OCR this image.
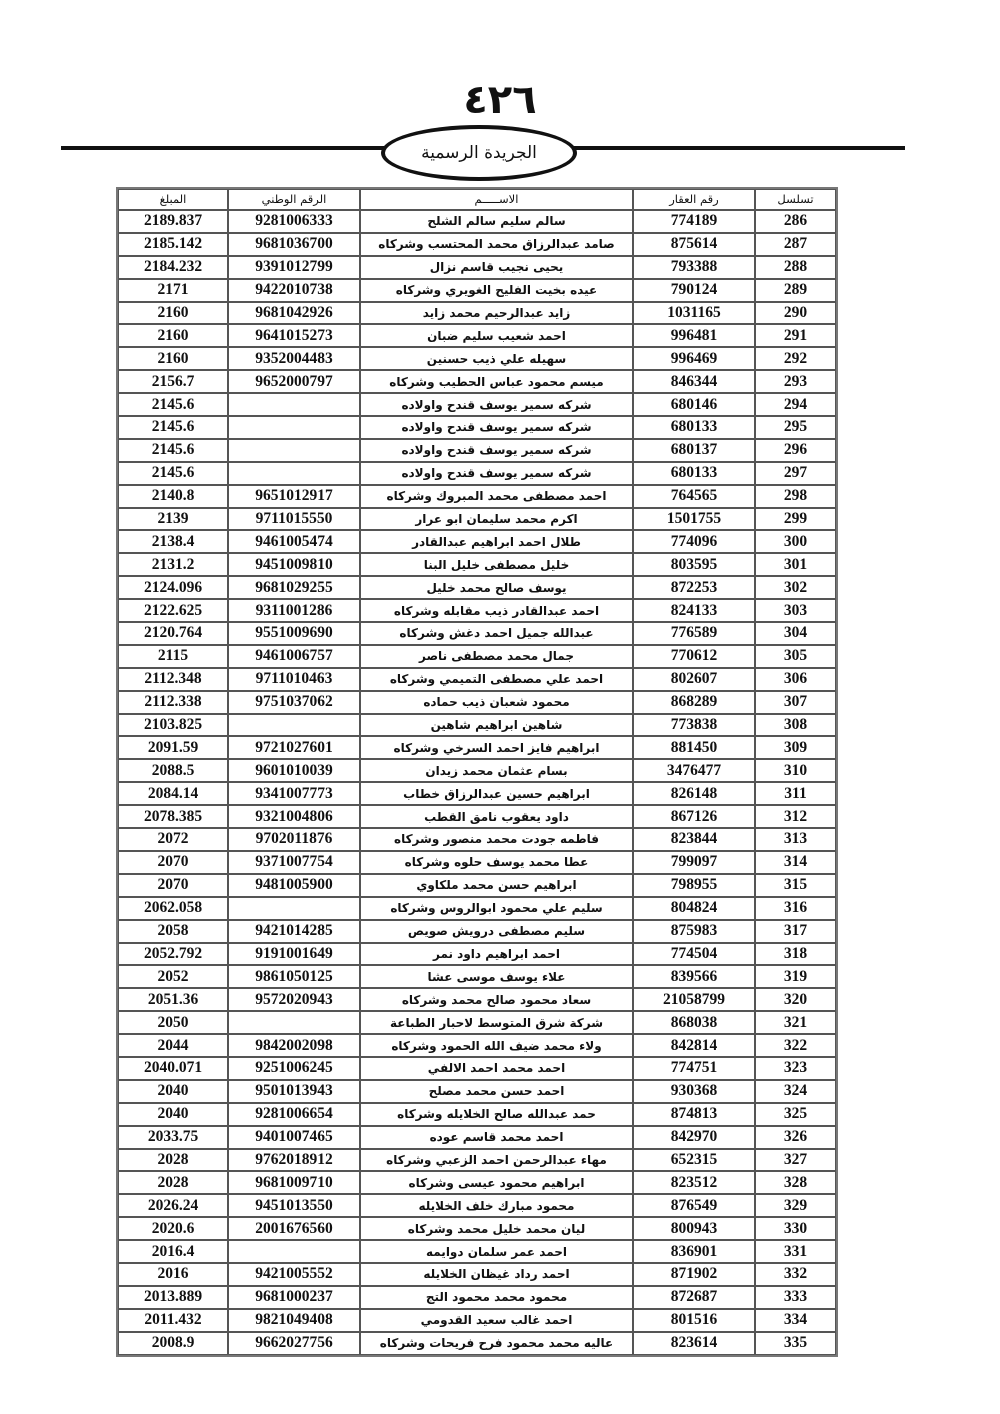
٤٢٦
الجريدة الرسمية
تسلسل	رقم العقار	الاســـــم	الرقم الوطني	المبلغ
286	774189	سالم سليم سالم الشلح	9281006333	2189.837
287	875614	صامد عبدالرزاق محمد المحتسب وشركاه	9681036700	2185.142
288	793388	يحيى نجيب قاسم نزال	9391012799	2184.232
289	790124	عيده بخيت الفليح الغويري وشركاه	9422010738	2171
290	1031165	زايد عبدالرحيم محمد زايد	9681042926	2160
291	996481	احمد شعيب سليم ضبان	9641015273	2160
292	996469	سهيله علي ذيب حسنين	9352004483	2160
293	846344	ميسم محمود عباس الحطيب وشركاه	9652000797	2156.7
294	680146	شركه سمير يوسف قندح واولاده		2145.6
295	680133	شركه سمير يوسف قندح واولاده		2145.6
296	680137	شركه سمير يوسف قندح واولاده		2145.6
297	680133	شركه سمير يوسف قندح واولاده		2145.6
298	764565	احمد مصطفى محمد المبروك وشركاه	9651012917	2140.8
299	1501755	اكرم محمد سليمان ابو عرار	9711015550	2139
300	774096	طلال احمد ابراهيم عبدالقادر	9461005474	2138.4
301	803595	خليل مصطفى خليل البنا	9451009810	2131.2
302	872253	يوسف صالح محمد خليل	9681029255	2124.096
303	824133	احمد عبدالقادر ذيب مقابله وشركاه	9311001286	2122.625
304	776589	عبدالله جميل احمد دغش وشركاه	9551009690	2120.764
305	770612	جمال محمد مصطفى ناصر	9461006757	2115
306	802607	احمد علي مصطفى التميمي وشركاه	9711010463	2112.348
307	868289	محمود شعبان ذيب حماده	9751037062	2112.338
308	773838	شاهين ابراهيم شاهين		2103.825
309	881450	ابراهيم فايز احمد السرخي وشركاه	9721027601	2091.59
310	3476477	بسام عثمان محمد زيدان	9601010039	2088.5
311	826148	ابراهيم حسين عبدالرزاق خطاب	9341007773	2084.14
312	867126	داود يعقوب نامق القطب	9321004806	2078.385
313	823844	فاطمه جودت محمد منصور وشركاه	9702011876	2072
314	799097	عطا محمد يوسف حلوه وشركاه	9371007754	2070
315	798955	ابراهيم حسن محمد ملكاوي	9481005900	2070
316	804824	سليم علي محمود ابوالروس وشركاه		2062.058
317	875983	سليم مصطفى درويش صويص	9421014285	2058
318	774504	احمد ابراهيم داود نمر	9191001649	2052.792
319	839566	علاء يوسف موسى عشا	9861050125	2052
320	21058799	سعاد محمود صالح محمد وشركاه	9572020943	2051.36
321	868038	شركة شرق المتوسط لاحبار الطباعة		2050
322	842814	ولاء محمد ضيف الله الحمود وشركاه	9842002098	2044
323	774751	احمد محمد احمد الالفي	9251006245	2040.071
324	930368	احمد حسن محمد مصلح	9501013943	2040
325	874813	حمد عبدالله صالح الخلايله وشركاه	9281006654	2040
326	842970	احمد محمد قاسم عوده	9401007465	2033.75
327	652315	مهاء عبدالرحمن احمد الزعبي وشركاه	9762018912	2028
328	823512	ابراهيم محمود عيسى وشركاه	9681009710	2028
329	876549	محمود مبارك خلف الخلايله	9451013550	2026.24
330	800943	ليان محمد خليل محمد وشركاه	2001676560	2020.6
331	836901	احمد عمر سلمان دوايمه		2016.4
332	871902	احمد رداد غيظان الخلايله	9421005552	2016
333	872687	محمود محمد محمود التج	9681000237	2013.889
334	801516	احمد غالب سعيد القدومي	9821049408	2011.432
335	823614	عاليه محمد محمود فرح فريحات وشركاه	9662027756	2008.9
